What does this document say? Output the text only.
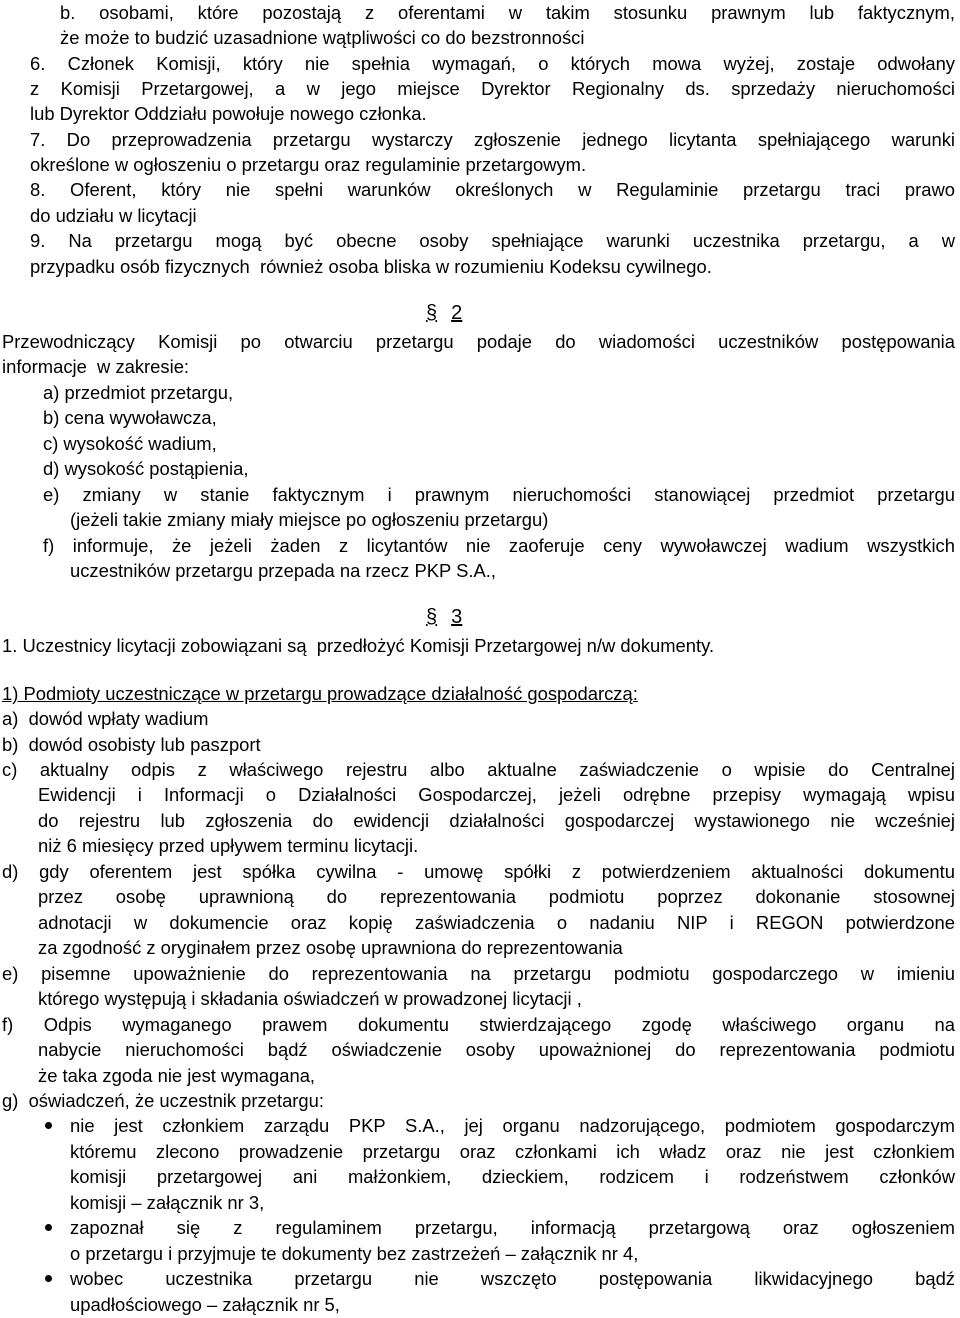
b. osobami, które pozostają z oferentami w takim stosunku prawnym lub faktycznym,
że może to budzić uzasadnione wątpliwości co do bezstronności
6. Członek Komisji, który nie spełnia wymagań, o których mowa wyżej, zostaje odwołany
z Komisji Przetargowej, a w jego miejsce Dyrektor Regionalny ds. sprzedaży nieruchomości
lub Dyrektor Oddziału powołuje nowego członka.
7. Do przeprowadzenia przetargu wystarczy zgłoszenie jednego licytanta spełniającego warunki
określone w ogłoszeniu o przetargu oraz regulaminie przetargowym.
8. Oferent, który nie spełni warunków określonych w Regulaminie przetargu traci prawo
do udziału w licytacji
9. Na przetargu mogą być obecne osoby spełniające warunki uczestnika przetargu, a w
przypadku osób fizycznych  również osoba bliska w rozumieniu Kodeksu cywilnego.
§ 2
Przewodniczący Komisji po otwarciu przetargu podaje do wiadomości uczestników postępowania
informacje  w zakresie:
a) przedmiot przetargu,
b) cena wywoławcza,
c) wysokość wadium,
d) wysokość postąpienia,
e) zmiany w stanie faktycznym i prawnym nieruchomości stanowiącej przedmiot przetargu
(jeżeli takie zmiany miały miejsce po ogłoszeniu przetargu)
f) informuje, że jeżeli żaden z licytantów nie zaoferuje ceny wywoławczej wadium wszystkich
uczestników przetargu przepada na rzecz PKP S.A.,
§ 3
1. Uczestnicy licytacji zobowiązani są  przedłożyć Komisji Przetargowej n/w dokumenty.
1) Podmioty uczestniczące w przetargu prowadzące działalność gospodarczą:
a)  dowód wpłaty wadium
b)  dowód osobisty lub paszport
c) aktualny odpis z właściwego rejestru albo aktualne zaświadczenie o wpisie do Centralnej
Ewidencji i Informacji o Działalności Gospodarczej, jeżeli odrębne przepisy wymagają wpisu
do rejestru lub zgłoszenia do ewidencji działalności gospodarczej wystawionego nie wcześniej
niż 6 miesięcy przed upływem terminu licytacji.
d) gdy oferentem jest spółka cywilna - umowę spółki z potwierdzeniem aktualności dokumentu
przez osobę uprawnioną do reprezentowania podmiotu poprzez dokonanie stosownej
adnotacji w dokumencie oraz kopię zaświadczenia o nadaniu NIP i REGON potwierdzone
za zgodność z oryginałem przez osobę uprawniona do reprezentowania
e) pisemne upoważnienie do reprezentowania na przetargu podmiotu gospodarczego w imieniu
którego występują i składania oświadczeń w prowadzonej licytacji ,
f) Odpis wymaganego prawem dokumentu stwierdzającego zgodę właściwego organu na
nabycie nieruchomości bądź oświadczenie osoby upoważnionej do reprezentowania podmiotu
że taka zgoda nie jest wymagana,
g)  oświadczeń, że uczestnik przetargu:
nie jest członkiem zarządu PKP S.A., jej organu nadzorującego, podmiotem gospodarczym
któremu zlecono prowadzenie przetargu oraz członkami ich władz oraz nie jest członkiem
komisji przetargowej ani małżonkiem, dzieckiem, rodzicem i rodzeństwem członków
komisji – załącznik nr 3,
zapoznał się z regulaminem przetargu, informacją przetargową oraz ogłoszeniem
o przetargu i przyjmuje te dokumenty bez zastrzeżeń – załącznik nr 4,
wobec uczestnika przetargu nie wszczęto postępowania likwidacyjnego bądź
upadłościowego – załącznik nr 5,
